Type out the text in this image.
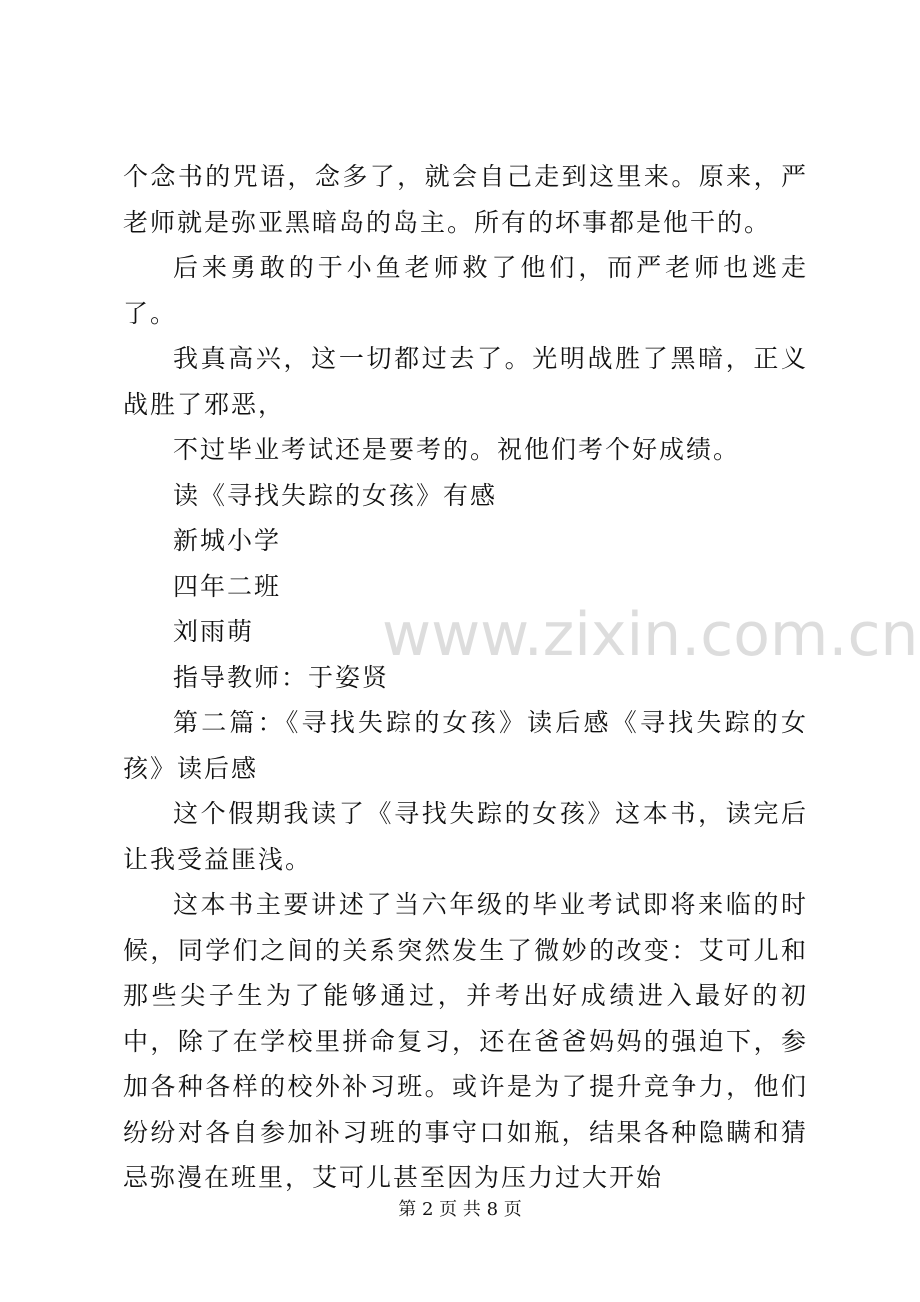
个念书的咒语，念多了，就会自己走到这里来。原来，严老师就是弥亚黑暗岛的岛主。所有的坏事都是他干的。

后来勇敢的于小鱼老师救了他们，而严老师也逃走了。

我真高兴，这一切都过去了。光明战胜了黑暗，正义战胜了邪恶，

不过毕业考试还是要考的。祝他们考个好成绩。

读《寻找失踪的女孩》有感

新城小学

四年二班

刘雨萌

指导教师：于姿贤

第二篇：《寻找失踪的女孩》读后感《寻找失踪的女孩》读后感

这个假期我读了《寻找失踪的女孩》这本书，读完后让我受益匪浅。

这本书主要讲述了当六年级的毕业考试即将来临的时候，同学们之间的关系突然发生了微妙的改变：艾可儿和那些尖子生为了能够通过，并考出好成绩进入最好的初中，除了在学校里拼命复习，还在爸爸妈妈的强迫下，参加各种各样的校外补习班。或许是为了提升竞争力，他们纷纷对各自参加补习班的事守口如瓶，结果各种隐瞒和猜忌弥漫在班里，艾可儿甚至因为压力过大开始

www.zixin.com.cn
第 2 页 共 8 页
